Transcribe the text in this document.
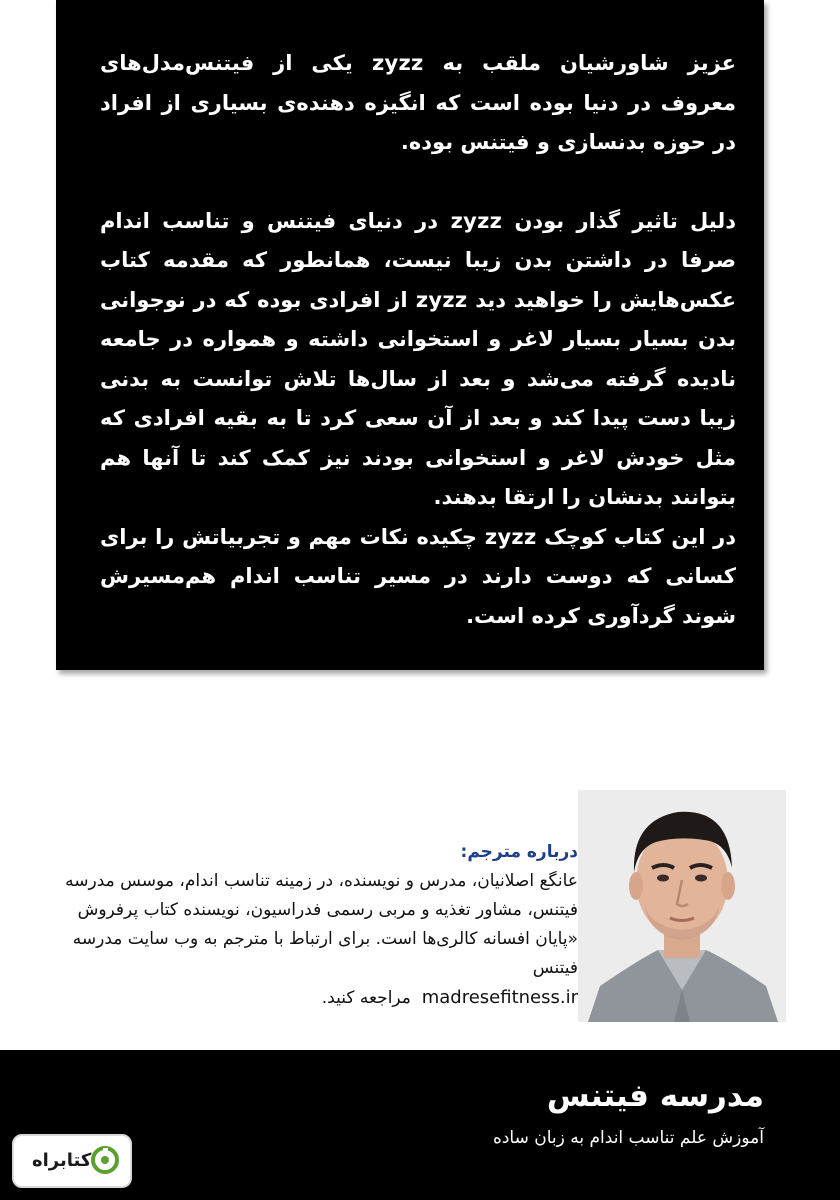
عزیز شاورشیان ملقب به zyzz یکی از فیتنس‌مدل‌های معروف در دنیا بوده است که انگیزه دهنده‌ی بسیاری از افراد در حوزه بدنسازی و فیتنس بوده.

دلیل تاثیر گذار بودن zyzz در دنیای فیتنس و تناسب اندام صرفا در داشتن بدن زیبا نیست، همانطور که مقدمه کتاب عکس‌هایش را خواهید دید zyzz از افرادی بوده که در نوجوانی بدن بسیار بسیار لاغر و استخوانی داشته و همواره در جامعه نادیده گرفته می‌شد و بعد از سال‌ها تلاش توانست به بدنی زیبا دست پیدا کند و بعد از آن سعی کرد تا به بقیه افرادی که مثل خودش لاغر و استخوانی بودند نیز کمک کند تا آنها هم بتوانند بدنشان را ارتقا بدهند.

در این کتاب کوچک zyzz چکیده نکات مهم و تجربیاتش را برای کسانی که دوست دارند در مسیر تناسب اندام هم‌مسیرش شوند گردآوری کرده است.

درباره مترجم:

عانگع اصلانیان، مدرس و نویسنده، در زمینه تناسب اندام، موسس مدرسه فیتنس، مشاور تغذیه و مربی رسمی فدراسیون، نویسنده کتاب پرفروش «پایان افسانه کالری‌ها است. برای ارتباط با مترجم به وب سایت مدرسه فیتنس

madresefitness.ir  مراجعه کنید.

مدرسه فیتنس
آموزش علم تناسب اندام به زبان ساده
کتابراه
